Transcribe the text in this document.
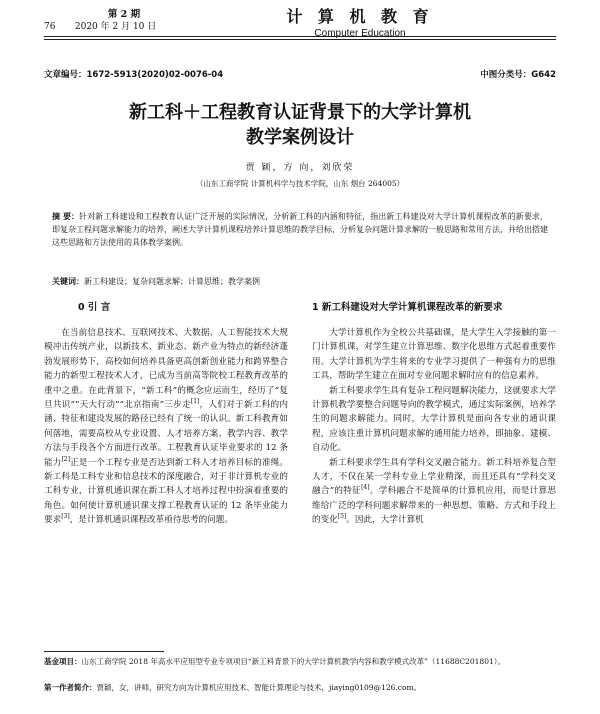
第 2 期
76 2020 年 2 月 10 日
计 算 机 教 育
Computer Education
文章编号：1672-5913(2020)02-0076-04	中图分类号：G642
新工科＋工程教育认证背景下的大学计算机
教学案例设计
贾 颖，方 向，刘欣荣
（山东工商学院 计算机科学与技术学院，山东 烟台 264005）
摘 要：针对新工科建设和工程教育认证广泛开展的实际情况，分析新工科的内涵和特征，指出新工科建设对大学计算机课程改革的新要求，即复杂工程问题求解能力的培养，阐述大学计算机课程培养计算思维的教学目标，分析复杂问题计算求解的一般思路和常用方法，并给出搭建这些思路和方法使用的具体教学案例。
关键词：新工科建设；复杂问题求解；计算思维；教学案例
0 引 言

在当前信息技术、互联网技术、大数据、人工智能技术大规模冲击传统产业，以新技术、新业态、新产业为特点的新经济蓬勃发展形势下，高校如何培养具备更高创新创业能力和跨界整合能力的新型工程技术人才，已成为当前高等院校工程教育改革的重中之重。在此背景下，“新工科”的概念应运而生，经历了“复旦共识”“天大行动”“北京指南”三步走[1]，人们对于新工科的内涵、特征和建设发展的路径已经有了统一的认识。新工科教育如何落地，需要高校从专业设置、人才培养方案、教学内容、教学方法与手段各个方面进行改革。工程教育认证毕业要求的 12 条能力[2]正是一个工程专业是否达到新工科人才培养目标的准绳。新工科是工科专业和信息技术的深度融合，对于非计算机专业的工科专业，计算机通识课在新工科人才培养过程中扮演着重要的角色。如何使计算机通识课支撑工程教育认证的 12 条毕业能力要求[3]，是计算机通识课程改革亟待思考的问题。

1 新工科建设对大学计算机课程改革的新要求

大学计算机作为全校公共基础课，是大学生入学接触的第一门计算机课，对学生建立计算思维、数字化思维方式起着重要作用。大学计算机为学生将来的专业学习提供了一种强有力的思维工具，帮助学生建立在面对专业问题求解时应有的信息素养。

新工科要求学生具有复杂工程问题解决能力，这就要求大学计算机教学要整合问题导向的教学模式，通过实际案例，培养学生的问题求解能力。同时，大学计算机是面向各专业的通识课程，应该注重计算机问题求解的通用能力培养，即抽象、建模、自动化。

新工科要求学生具有学科交叉融合能力。新工科培养复合型人才，不仅在某一学科专业上学业精深，而且还具有“学科交叉融合”的特征[4]。学科融合不是简单的计算机应用，而是计算思维给广泛的学科问题求解带来的一种思想、策略、方式和手段上的变化[5]。因此，大学计算机

基金项目：山东工商学院 2018 年高水平应用型专业专项项目“新工科背景下的大学计算机教学内容和教学模式改革”（11688C201801）。
第一作者简介：贾颖，女，讲师，研究方向为计算机应用技术、智能计算理论与技术，jiaying0109@126.com。
